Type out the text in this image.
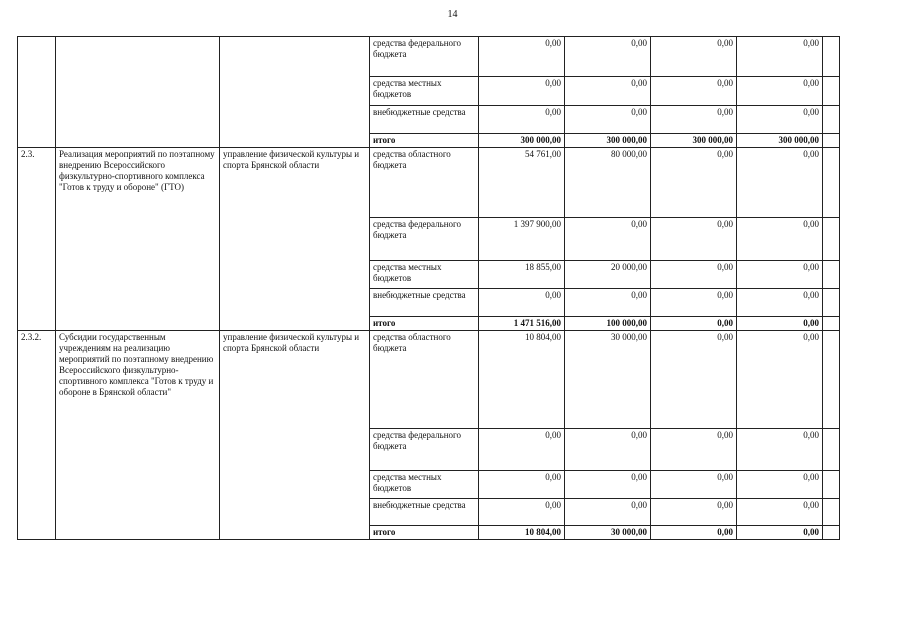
14
			средства федерального бюджета	0,00	0,00	0,00	0,00	
			средства местных бюджетов	0,00	0,00	0,00	0,00	
			внебюджетные средства	0,00	0,00	0,00	0,00	
			итого	300 000,00	300 000,00	300 000,00	300 000,00	
2.3.	Реализация мероприятий по поэтапному внедрению Всероссийского физкультурно-спортивного комплекса "Готов к труду и обороне" (ГТО)	управление физической культуры и спорта Брянской области	средства областного бюджета	54 761,00	80 000,00	0,00	0,00	
			средства федерального бюджета	1 397 900,00	0,00	0,00	0,00	
			средства местных бюджетов	18 855,00	20 000,00	0,00	0,00	
			внебюджетные средства	0,00	0,00	0,00	0,00	
			итого	1 471 516,00	100 000,00	0,00	0,00	
2.3.2.	Субсидии государственным учреждениям на реализацию мероприятий по поэтапному внедрению Всероссийского физкультурно-спортивного комплекса "Готов к труду и обороне в Брянской области"	управление физической культуры и спорта Брянской области	средства областного бюджета	10 804,00	30 000,00	0,00	0,00	
			средства федерального бюджета	0,00	0,00	0,00	0,00	
			средства местных бюджетов	0,00	0,00	0,00	0,00	
			внебюджетные средства	0,00	0,00	0,00	0,00	
			итого	10 804,00	30 000,00	0,00	0,00	
